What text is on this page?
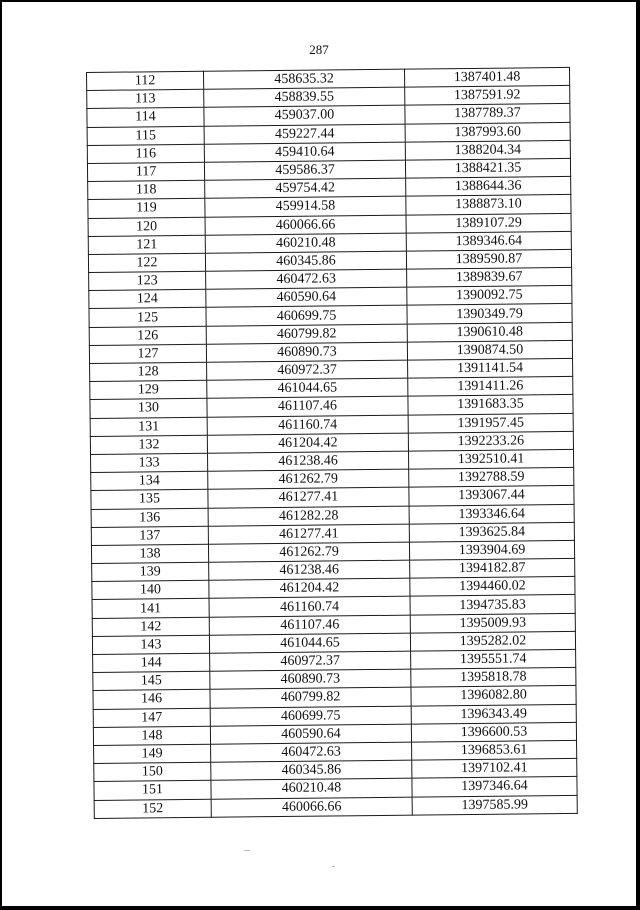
287
112	458635.32	1387401.48
113	458839.55	1387591.92
114	459037.00	1387789.37
115	459227.44	1387993.60
116	459410.64	1388204.34
117	459586.37	1388421.35
118	459754.42	1388644.36
119	459914.58	1388873.10
120	460066.66	1389107.29
121	460210.48	1389346.64
122	460345.86	1389590.87
123	460472.63	1389839.67
124	460590.64	1390092.75
125	460699.75	1390349.79
126	460799.82	1390610.48
127	460890.73	1390874.50
128	460972.37	1391141.54
129	461044.65	1391411.26
130	461107.46	1391683.35
131	461160.74	1391957.45
132	461204.42	1392233.26
133	461238.46	1392510.41
134	461262.79	1392788.59
135	461277.41	1393067.44
136	461282.28	1393346.64
137	461277.41	1393625.84
138	461262.79	1393904.69
139	461238.46	1394182.87
140	461204.42	1394460.02
141	461160.74	1394735.83
142	461107.46	1395009.93
143	461044.65	1395282.02
144	460972.37	1395551.74
145	460890.73	1395818.78
146	460799.82	1396082.80
147	460699.75	1396343.49
148	460590.64	1396600.53
149	460472.63	1396853.61
150	460345.86	1397102.41
151	460210.48	1397346.64
152	460066.66	1397585.99
